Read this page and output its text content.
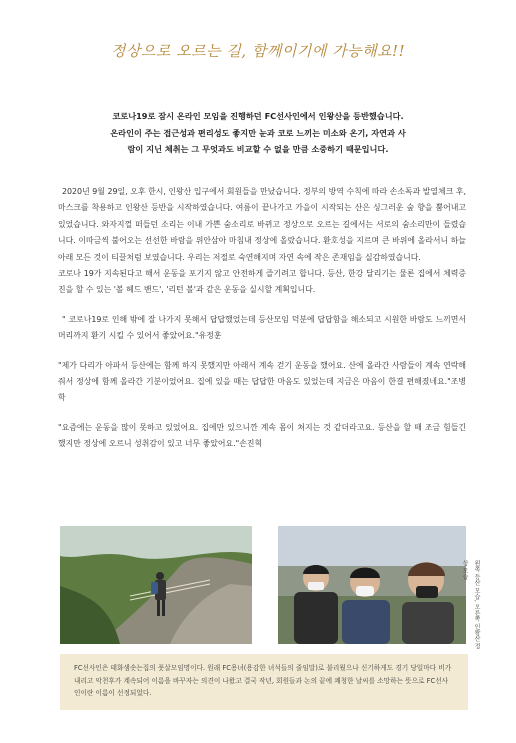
정상으로 오르는 길, 함께이기에 가능해요!!

코로나19로 잠시 온라인 모임을 진행하던 FC선사인에서 인왕산을 등반했습니다.

온라인이 주는 접근성과 편리성도 좋지만 눈과 코로 느끼는 미소와 온기, 자연과 사

람이 지닌 체취는 그 무엇과도 비교할 수 없을 만큼 소중하기 때문입니다.

2020년 9월 29일, 오후 한시, 인왕산 입구에서 회원들을 만났습니다. 정부의 방역 수칙에 따라 손소독과 발열체크 후, 마스크를 착용하고 인왕산 등반을 시작하였습니다. 여름이 끝나가고 가을이 시작되는 산은 싱그러운 숲 향을 뿜어내고 있었습니다. 와자지껄 떠들던 소리는 이내 가쁜 숨소리로 바뀌고 정상으로 오르는 길에서는 서로의 숨소리만이 들렸습니다. 이따금씩 불어오는 선선한 바람을 위안삼아 마침내 정상에 올랐습니다. 환호성을 지르며 큰 바위에 올라서니 하늘 아래 모든 것이 티끌처럼 보였습니다. 우리는 저절로 숙연해지며 자연 속에 작은 존재임을 실감하였습니다.

코로나 19가 지속된다고 해서 운동을 포기지 않고 안전하게 즐기려고 합니다. 등산, 한강 달리기는 물론 집에서 체력증진을 할 수 있는 '볼 헤드 밴드', '리턴 볼'과 같은 운동을 실시할 계획입니다.

" 코로나19로 인해 밖에 잘 나가지 못해서 답답했었는데 등산모임 덕분에 답답함을 해소되고 시원한 바람도 느끼면서 머리까지 환기 시킬 수 있어서 좋았어요."유정훈

"제가 다리가 아파서 등산에는 함께 하지 못했지만 아래서 계속 걷기 운동을 했어요. 산에 올라간 사람들이 계속 연락해줘서 정상에 함께 올라간 기분이었어요. 집에 있을 때는 답답한 마음도 있었는데 지금은 마음이 한결 편해졌네요."조병학

"요즘에는 운동을 많이 못하고 있었어요. 집에만 있으니깐 계속 몸이 쳐지는 것 같더라고요. 등산을 할 때 조금 힘들긴 했지만 정상에 오르니 성취감이 있고 너무 좋았어요."손진혁

왼쪽 등산 모습, 오른쪽 인왕산 정상 모습

FC선사인은 태화샘솟는집의 풋살모임명이다. 원래 FC용녀(용감한 녀석들의 줄임말)로 불리웠으나 신기하게도 경기 당일마다 비가 내리고 악천후가 계속되어 이름을 바꾸자는 의견이 나왔고 결국 작년, 회원들과 논의 끝에 쾌청한 날씨를 소망하는 뜻으로 FC선사인이란 이름이 선정되었다.
